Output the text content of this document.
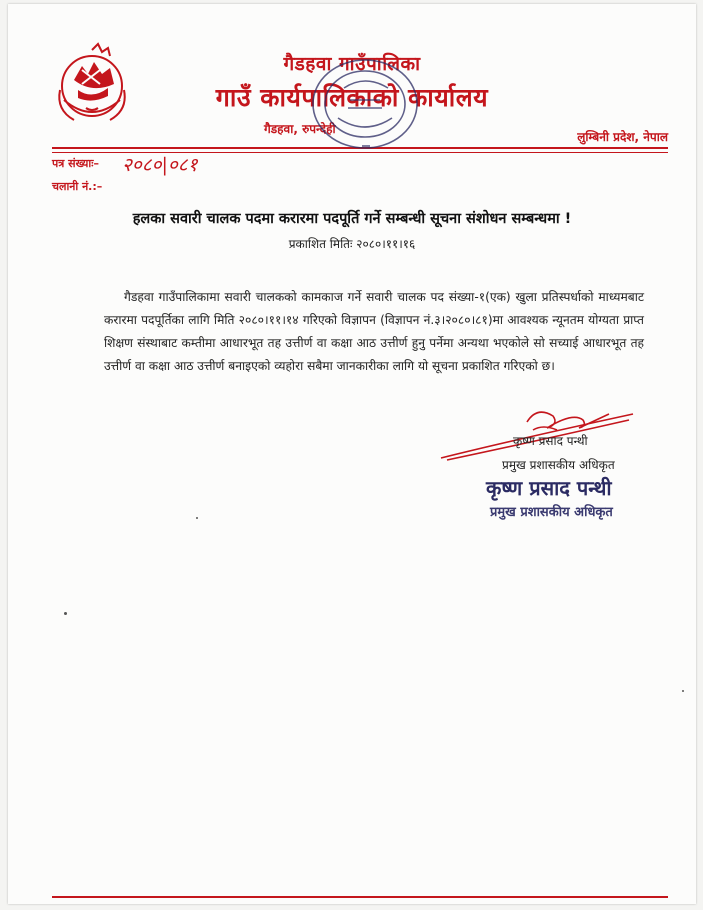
गैडहवा गाउँपालिका
गाउँ कार्यपालिकाको कार्यालय
गैडहवा, रुपन्देही
लुम्बिनी प्रदेश, नेपाल
पत्र संख्याः– २०८०|०८१
चलानी नं.:–
हलका सवारी चालक पदमा करारमा पदपूर्ति गर्ने सम्बन्धी सूचना संशोधन सम्बन्धमा !
प्रकाशित मितिः २०८०।११।१६
गैडहवा गाउँपालिकामा सवारी चालकको कामकाज गर्ने सवारी चालक पद संख्या-१(एक) खुला प्रतिस्पर्धाको माध्यमबाट करारमा पदपूर्तिका लागि मिति २०८०।११।१४ गरिएको विज्ञापन (विज्ञापन नं.३।२०८०।८१)मा आवश्यक न्यूनतम योग्यता प्राप्त शिक्षण संस्थाबाट कम्तीमा आधारभूत तह उत्तीर्ण वा कक्षा आठ उत्तीर्ण हुनु पर्नेमा अन्यथा भएकोले सो सच्याई आधारभूत तह उत्तीर्ण वा कक्षा आठ उत्तीर्ण बनाइएको व्यहोरा सबैमा जानकारीका लागि यो सूचना प्रकाशित गरिएको छ।
कृष्ण प्रसाद पन्थी
प्रमुख प्रशासकीय अधिकृत
कृष्ण प्रसाद पन्थी
प्रमुख प्रशासकीय अधिकृत
